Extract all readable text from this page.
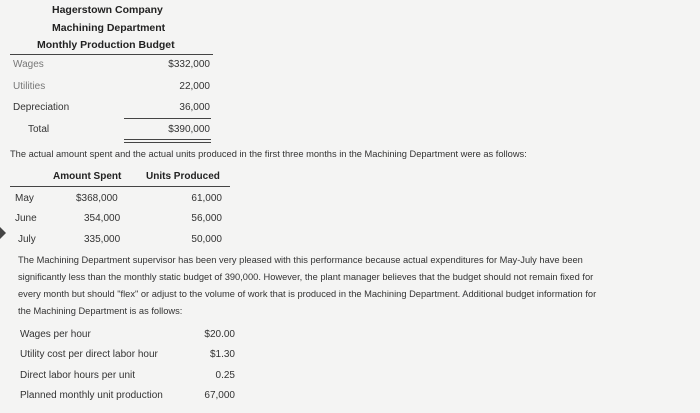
Hagerstown Company
Machining Department
Monthly Production Budget
Wages	$332,000
Utilities	22,000
Depreciation	36,000
Total	$390,000
The actual amount spent and the actual units produced in the first three months in the Machining Department were as follows:
Amount Spent Units Produced
May	$368,000	61,000
June	354,000	56,000
July	335,000	50,000
The Machining Department supervisor has been very pleased with this performance because actual expenditures for May-July have been
significantly less than the monthly static budget of 390,000. However, the plant manager believes that the budget should not remain fixed for
every month but should "flex" or adjust to the volume of work that is produced in the Machining Department. Additional budget information for
the Machining Department is as follows:
Wages per hour	$20.00
Utility cost per direct labor hour	$1.30
Direct labor hours per unit	0.25
Planned monthly unit production	67,000
